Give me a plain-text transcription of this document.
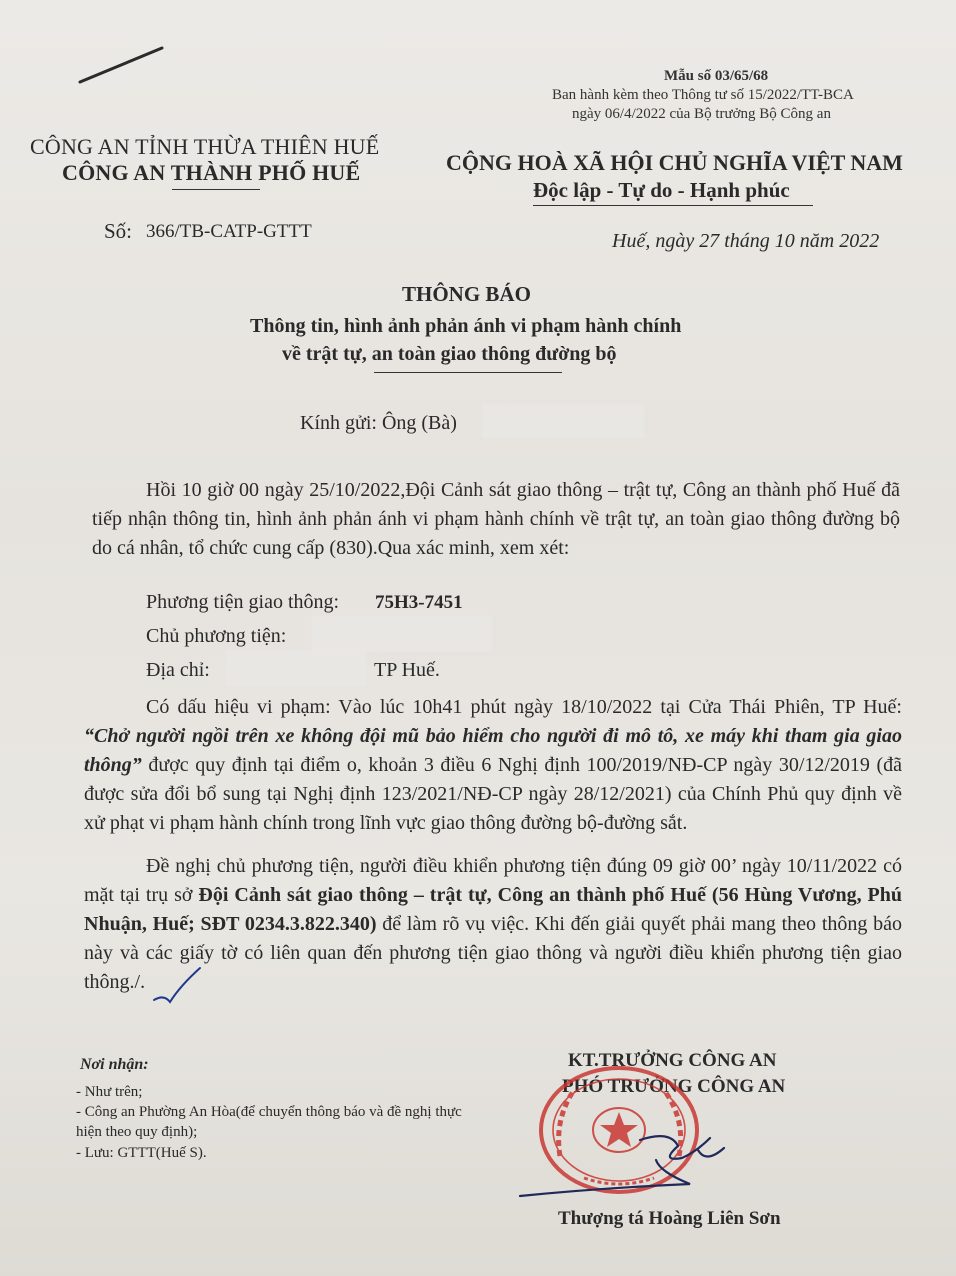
Mẫu số 03/65/68
Ban hành kèm theo Thông tư số 15/2022/TT-BCA
ngày 06/4/2022 của Bộ trưởng Bộ Công an
CÔNG AN TỈNH THỪA THIÊN HUẾ
CÔNG AN THÀNH PHỐ HUẾ	CỘNG HOÀ XÃ HỘI CHỦ NGHĨA VIỆT NAM
Độc lập - Tự do - Hạnh phúc
Số: 366/TB-CATP-GTTT	Huế, ngày 27 tháng 10 năm 2022
THÔNG BÁO
Thông tin, hình ảnh phản ánh vi phạm hành chính
về trật tự, an toàn giao thông đường bộ
Kính gửi: Ông (Bà)
Hồi 10 giờ 00 ngày 25/10/2022,Đội Cảnh sát giao thông – trật tự, Công an thành phố Huế đã tiếp nhận thông tin, hình ảnh phản ánh vi phạm hành chính về trật tự, an toàn giao thông đường bộ do cá nhân, tổ chức cung cấp (830).Qua xác minh, xem xét:
Phương tiện giao thông: 75H3-7451
Chủ phương tiện:
Địa chỉ:	TP Huế.
Có dấu hiệu vi phạm: Vào lúc 10h41 phút ngày 18/10/2022 tại Cửa Thái Phiên, TP Huế: “Chở người ngồi trên xe không đội mũ bảo hiểm cho người đi mô tô, xe máy khi tham gia giao thông” được quy định tại điểm o, khoản 3 điều 6 Nghị định 100/2019/NĐ-CP ngày 30/12/2019 (đã được sửa đổi bổ sung tại Nghị định 123/2021/NĐ-CP ngày 28/12/2021) của Chính Phủ quy định về xử phạt vi phạm hành chính trong lĩnh vực giao thông đường bộ-đường sắt.
Đề nghị chủ phương tiện, người điều khiển phương tiện đúng 09 giờ 00’ ngày 10/11/2022 có mặt tại trụ sở Đội Cảnh sát giao thông – trật tự, Công an thành phố Huế (56 Hùng Vương, Phú Nhuận, Huế; SĐT 0234.3.822.340) để làm rõ vụ việc. Khi đến giải quyết phải mang theo thông báo này và các giấy tờ có liên quan đến phương tiện giao thông và người điều khiển phương tiện giao thông./.
Nơi nhận:
- Như trên;
- Công an Phường An Hòa(để chuyển thông báo và đề nghị thực hiện theo quy định);
- Lưu: GTTT(Huế S).
KT.TRƯỞNG CÔNG AN
PHÓ TRƯỞNG CÔNG AN
Thượng tá Hoàng Liên Sơn
